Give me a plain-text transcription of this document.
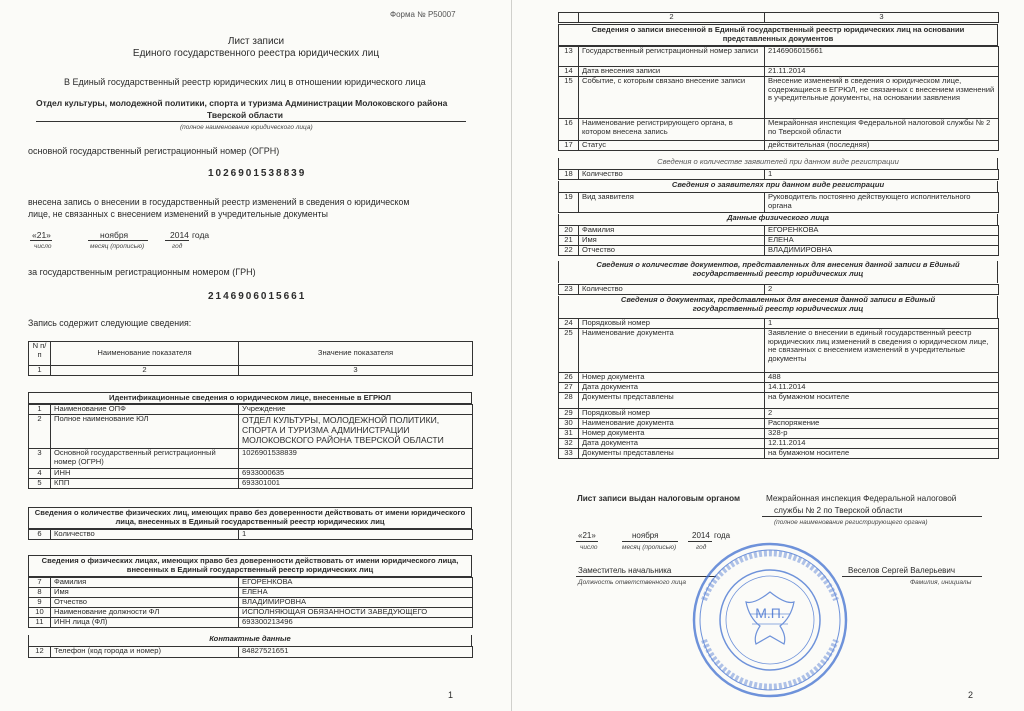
Форма № Р50007
Лист записи
Единого государственного реестра юридических лиц
В Единый государственный реестр юридических лиц в отношении юридического лица
Отдел культуры, молодежной политики, спорта и туризма Администрации Молоковского района
Тверской области
(полное наименование юридического лица)
основной государственный регистрационный номер (ОГРН)
1026901538839
внесена запись о внесении в государственный реестр изменений в сведения о юридическом
лице, не связанных с внесением изменений в учредительные документы
«21»	ноября	2014 года
число	месяц (прописью)	год
за государственным регистрационным номером (ГРН)
2146906015661
Запись содержит следующие сведения:
N п/п	Наименование показателя	Значение показателя
1	2	3
Идентификационные сведения о юридическом лице, внесенные в ЕГРЮЛ
1	Наименование ОПФ	Учреждение
2	Полное наименование ЮЛ	ОТДЕЛ КУЛЬТУРЫ, МОЛОДЕЖНОЙ ПОЛИТИКИ, СПОРТА И ТУРИЗМА АДМИНИСТРАЦИИ МОЛОКОВСКОГО РАЙОНА ТВЕРСКОЙ ОБЛАСТИ
3	Основной государственный регистрационный номер (ОГРН)	1026901538839
4	ИНН	6933000635
5	КПП	693301001
Сведения о количестве физических лиц, имеющих право без доверенности действовать от имени юридического лица, внесенных в Единый государственный реестр юридических лиц
6	Количество	1
Сведения о физических лицах, имеющих право без доверенности действовать от имени юридического лица, внесенных в Единый государственный реестр юридических лиц
7	Фамилия	ЕГОРЕНКОВА
8	Имя	ЕЛЕНА
9	Отчество	ВЛАДИМИРОВНА
10	Наименование должности ФЛ	ИСПОЛНЯЮЩАЯ ОБЯЗАННОСТИ ЗАВЕДУЮЩЕГО
11	ИНН лица (ФЛ)	693300213496
Контактные данные
12	Телефон (код города и номер)	84827521651
1
	2	3
Сведения о записи внесенной в Единый государственный реестр юридических лиц на основании представленных документов
13	Государственный регистрационный номер записи	2146906015661
14	Дата внесения записи	21.11.2014
15	Событие, с которым связано внесение записи	Внесение изменений в сведения о юридическом лице, содержащиеся в ЕГРЮЛ, не связанных с внесением изменений в учредительные документы, на основании заявления
16	Наименование регистрирующего органа, в котором внесена запись	Межрайонная инспекция Федеральной налоговой службы № 2 по Тверской области
17	Статус	действительная (последняя)
Сведения о количестве заявителей при данном виде регистрации
18	Количество	1
Сведения о заявителях при данном виде регистрации
19	Вид заявителя	Руководитель постоянно действующего исполнительного органа
Данные физического лица
20	Фамилия	ЕГОРЕНКОВА
21	Имя	ЕЛЕНА
22	Отчество	ВЛАДИМИРОВНА
Сведения о количестве документов, представленных для внесения данной записи в Единый государственный реестр юридических лиц
23	Количество	2
Сведения о документах, представленных для внесения данной записи в Единый государственный реестр юридических лиц
24	Порядковый номер	1
25	Наименование документа	Заявление о внесении в единый государственный реестр юридических лиц изменений в сведения о юридическом лице, не связанных с внесением изменений в учредительные документы
26	Номер документа	488
27	Дата документа	14.11.2014
28	Документы представлены	на бумажном носителе
29	Порядковый номер	2
30	Наименование документа	Распоряжение
31	Номер документа	328-р
32	Дата документа	12.11.2014
33	Документы представлены	на бумажном носителе
Лист записи выдан налоговым органом	Межрайонная инспекция Федеральной налоговой
службы № 2 по Тверской области
(полное наименование регистрирующего органа)
«21»	ноября	2014 года
число	месяц (прописью)	год
Заместитель начальника
Должность ответственного лица
Веселов Сергей Валерьевич
Фамилия, инициалы
2
М.П.
